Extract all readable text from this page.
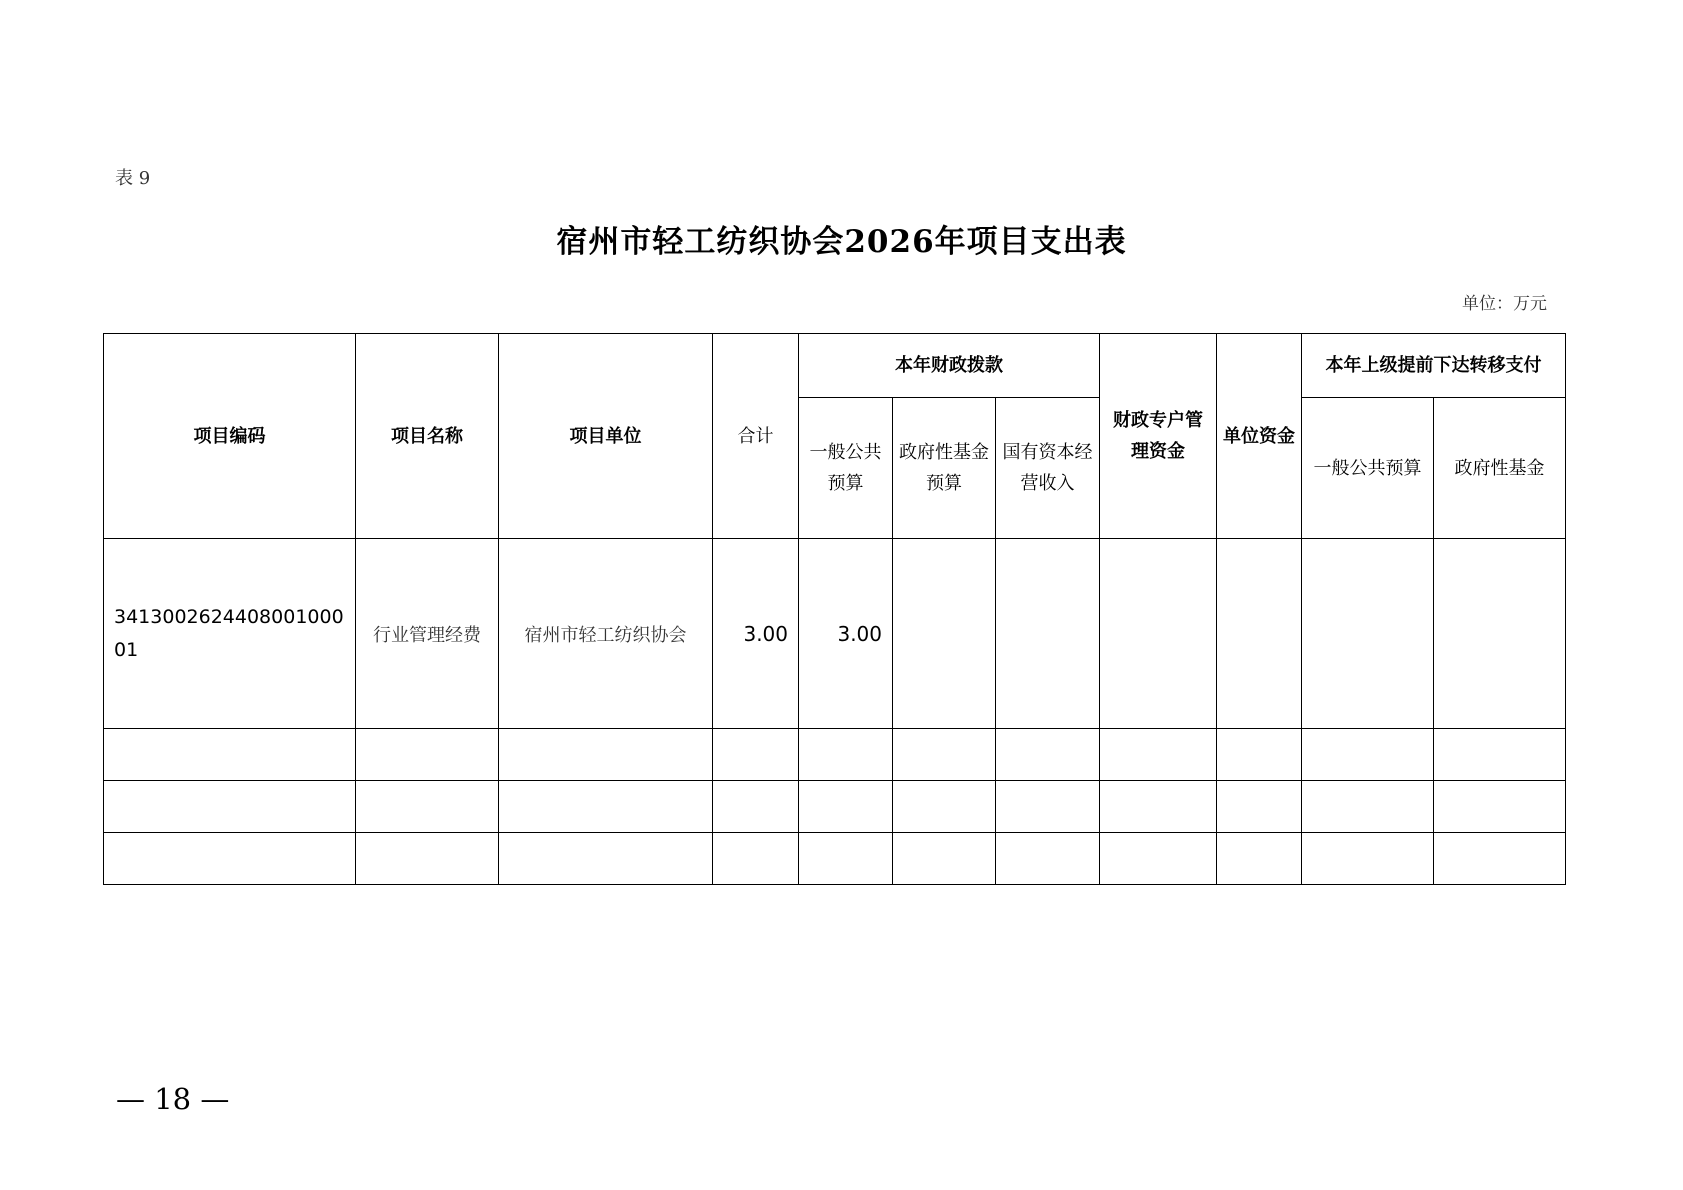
表 9
宿州市轻工纺织协会2026年项目支出表
单位：万元
项目编码	项目名称	项目单位	合计	本年财政拨款			财政专户管理资金	单位资金	本年上级提前下达转移支付	
				一般公共预算	政府性基金预算	国有资本经营收入			一般公共预算	政府性基金
341300262440800100001	行业管理经费	宿州市轻工纺织协会	3.00	3.00						

— 18 —
